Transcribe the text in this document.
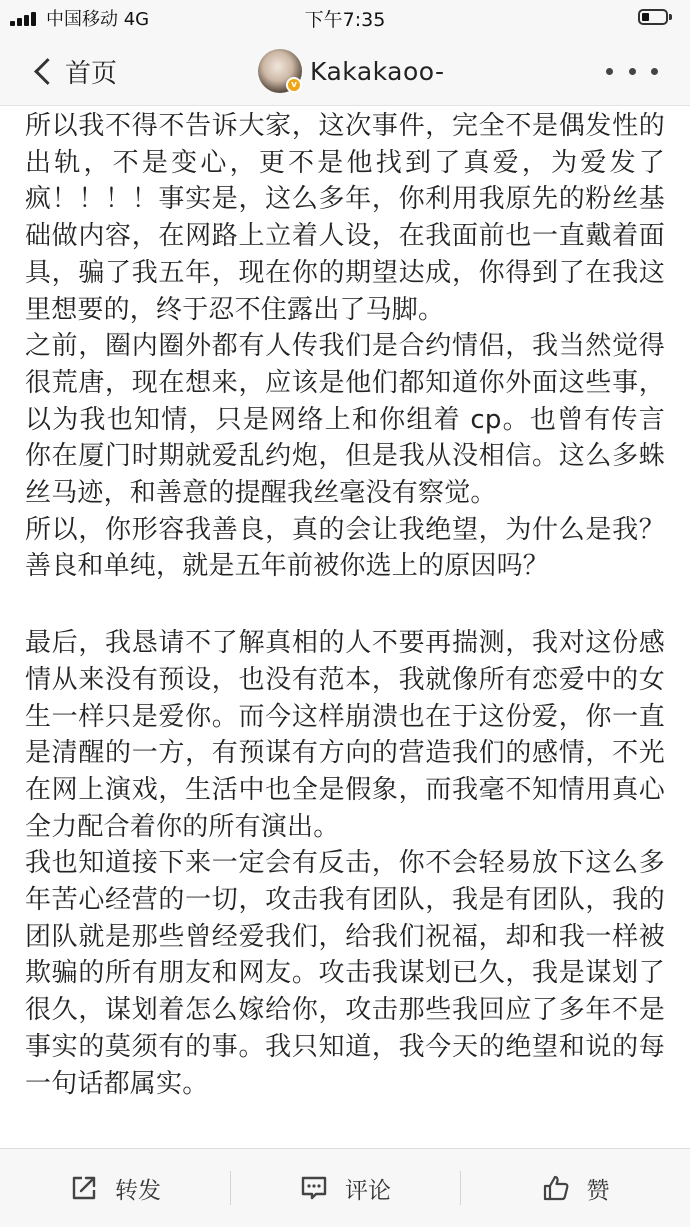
中国移动 4G	下午7:35
首页	v Kakakaoo-

所以我不得不告诉大家，这次事件，完全不是偶发性的出轨，不是变心，更不是他找到了真爱，为爱发了疯！！！！事实是，这么多年，你利用我原先的粉丝基础做内容，在网路上立着人设，在我面前也一直戴着面具，骗了我五年，现在你的期望达成，你得到了在我这里想要的，终于忍不住露出了马脚。

之前，圈内圈外都有人传我们是合约情侣，我当然觉得很荒唐，现在想来，应该是他们都知道你外面这些事，以为我也知情，只是网络上和你组着 cp。也曾有传言你在厦门时期就爱乱约炮，但是我从没相信。这么多蛛丝马迹，和善意的提醒我丝毫没有察觉。

所以，你形容我善良，真的会让我绝望，为什么是我？善良和单纯，就是五年前被你选上的原因吗？

最后，我恳请不了解真相的人不要再揣测，我对这份感情从来没有预设，也没有范本，我就像所有恋爱中的女生一样只是爱你。而今这样崩溃也在于这份爱，你一直是清醒的一方，有预谋有方向的营造我们的感情，不光在网上演戏，生活中也全是假象，而我毫不知情用真心全力配合着你的所有演出。

我也知道接下来一定会有反击，你不会轻易放下这么多年苦心经营的一切，攻击我有团队，我是有团队，我的团队就是那些曾经爱我们，给我们祝福，却和我一样被欺骗的所有朋友和网友。攻击我谋划已久，我是谋划了很久，谋划着怎么嫁给你，攻击那些我回应了多年不是事实的莫须有的事。我只知道，我今天的绝望和说的每一句话都属实。

转发	评论	赞
